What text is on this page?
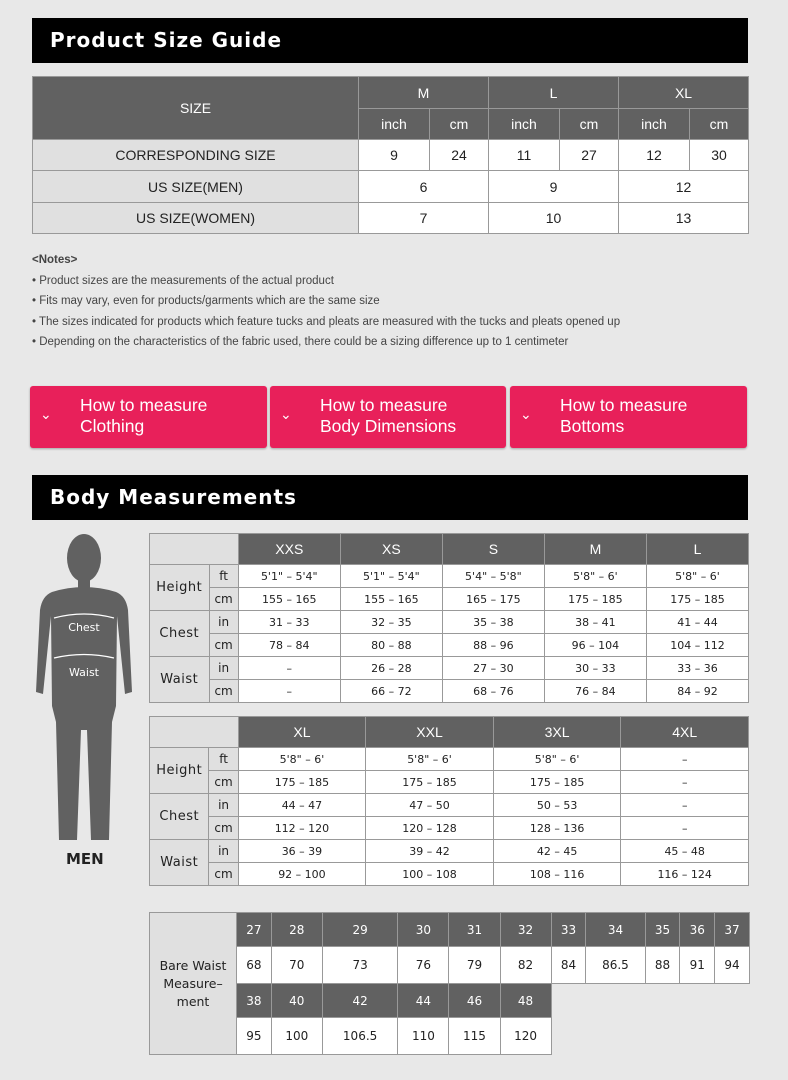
Product Size Guide
SIZE	M		L		XL	
	inch	cm	inch	cm	inch	cm
CORRESPONDING SIZE	9	24	11	27	12	30
US SIZE(MEN)	6		9		12	
US SIZE(WOMEN)	7		10		13	
<Notes>
• Product sizes are the measurements of the actual product
• Fits may vary, even for products/garments which are the same size
• The sizes indicated for products which feature tucks and pleats are measured with the tucks and pleats opened up
• Depending on the characteristics of the fabric used, there could be a sizing difference up to 1 centimeter
⌄ How to measure
Clothing
⌄ How to measure
Body Dimensions
⌄ How to measure
Bottoms
Body Measurements
Chest
Waist
MEN
		XXS	XS	S	M	L
Height	ft	5'1" – 5'4"	5'1" – 5'4"	5'4" – 5'8"	5'8" – 6'	5'8" – 6'
	cm	155 – 165	155 – 165	165 – 175	175 – 185	175 – 185
Chest	in	31 – 33	32 – 35	35 – 38	38 – 41	41 – 44
	cm	78 – 84	80 – 88	88 – 96	96 – 104	104 – 112
Waist	in	–	26 – 28	27 – 30	30 – 33	33 – 36
	cm	–	66 – 72	68 – 76	76 – 84	84 – 92
		XL	XXL	3XL	4XL
Height	ft	5'8" – 6'	5'8" – 6'	5'8" – 6'	–
	cm	175 – 185	175 – 185	175 – 185	–
Chest	in	44 – 47	47 – 50	50 – 53	–
	cm	112 – 120	120 – 128	128 – 136	–
Waist	in	36 – 39	39 – 42	42 – 45	45 – 48
	cm	92 – 100	100 – 108	108 – 116	116 – 124
Bare Waist
Measure–
ment	27	28	29	30	31	32	33	34	35	36	37
	68	70	73	76	79	82	84	86.5	88	91	94
	38	40	42	44	46	48					
	95	100	106.5	110	115	120					
